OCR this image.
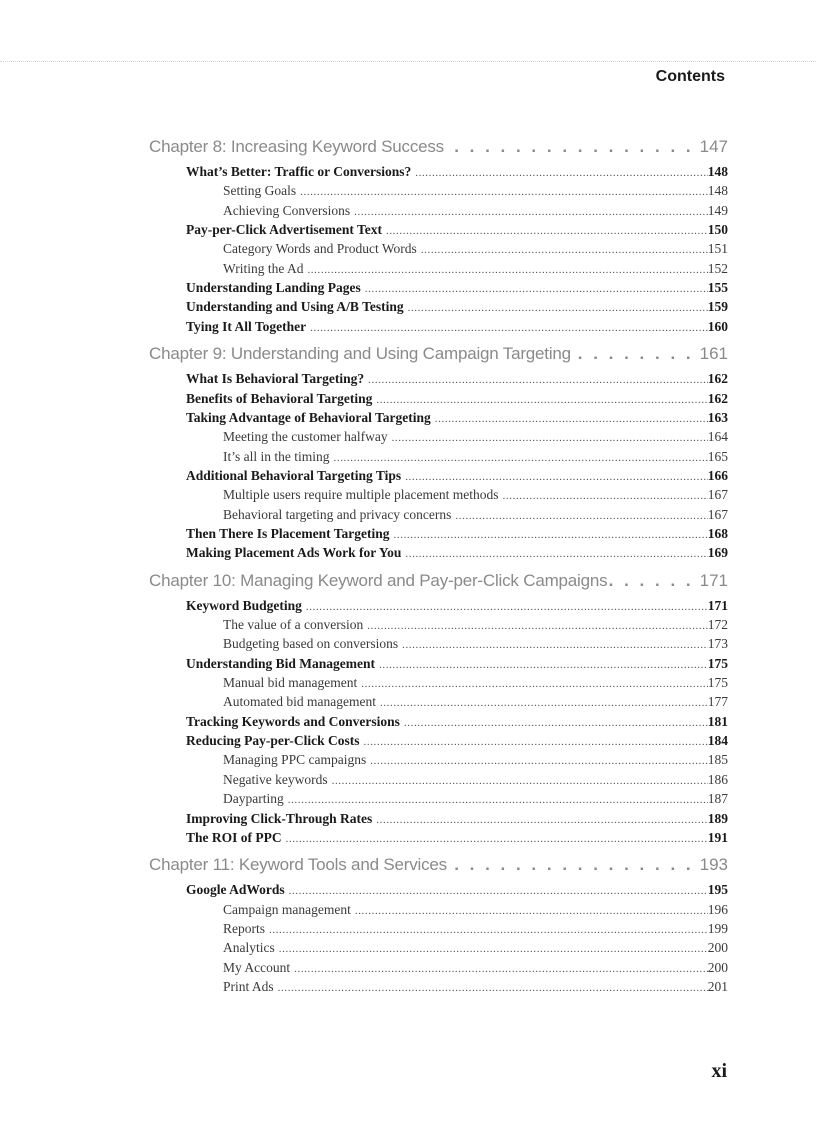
Contents
Chapter 8: Increasing Keyword Success . . .	147
What’s Better: Traffic or Conversions? .....	148
Setting Goals .....	148
Achieving Conversions .....	149
Pay-per-Click Advertisement Text .....	150
Category Words and Product Words .....	151
Writing the Ad .....	152
Understanding Landing Pages .....	155
Understanding and Using A/B Testing .....	159
Tying It All Together .....	160
Chapter 9: Understanding and Using Campaign Targeting . . .	161
What Is Behavioral Targeting? .....	162
Benefits of Behavioral Targeting .....	162
Taking Advantage of Behavioral Targeting .....	163
Meeting the customer halfway .....	164
It’s all in the timing .....	165
Additional Behavioral Targeting Tips .....	166
Multiple users require multiple placement methods .....	167
Behavioral targeting and privacy concerns .....	167
Then There Is Placement Targeting .....	168
Making Placement Ads Work for You .....	169
Chapter 10: Managing Keyword and Pay-per-Click Campaigns . . .	171
Keyword Budgeting .....	171
The value of a conversion .....	172
Budgeting based on conversions .....	173
Understanding Bid Management .....	175
Manual bid management .....	175
Automated bid management .....	177
Tracking Keywords and Conversions .....	181
Reducing Pay-per-Click Costs .....	184
Managing PPC campaigns .....	185
Negative keywords .....	186
Dayparting .....	187
Improving Click-Through Rates .....	189
The ROI of PPC .....	191
Chapter 11: Keyword Tools and Services . . .	193
Google AdWords .....	195
Campaign management .....	196
Reports .....	199
Analytics .....	200
My Account .....	200
Print Ads .....	201
xi
